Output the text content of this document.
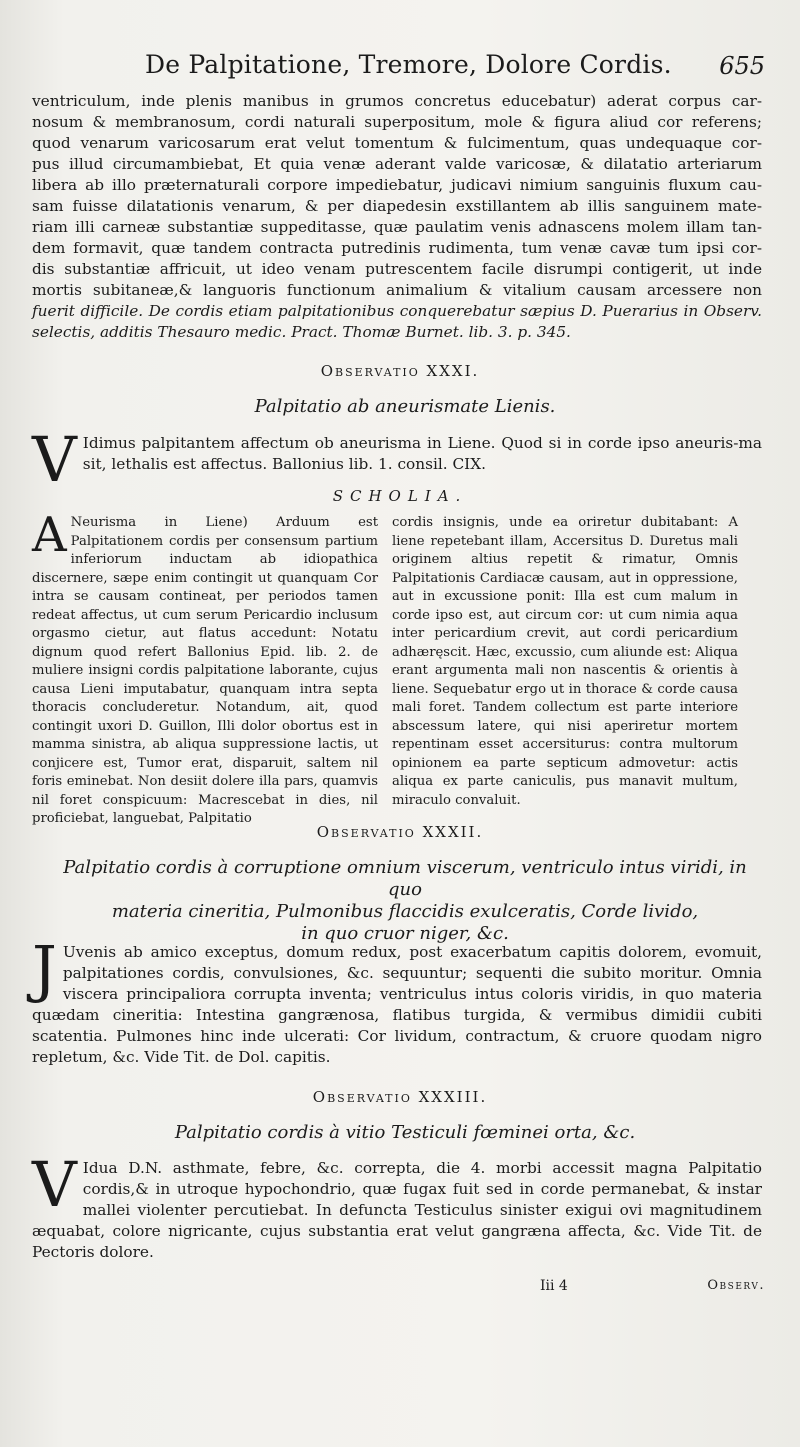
De Palpitatione, Tremore, Dolore Cordis. 655
ventriculum, inde plenis manibus in grumos concretus educebatur) aderat corpus car-
nosum & membranosum, cordi naturali superpositum, mole & figura aliud cor referens;
quod venarum varicosarum erat velut tomentum & fulcimentum, quas undequaque cor-
pus illud circumambiebat, Et quia venæ aderant valde varicosæ, & dilatatio arteriarum
libera ab illo præternaturali corpore impediebatur, judicavi nimium sanguinis fluxum cau-
sam fuisse dilatationis venarum, & per diapedesin exstillantem ab illis sanguinem mate-
riam illi carneæ substantiæ suppeditasse, quæ paulatim venis adnascens molem illam tan-
dem formavit, quæ tandem contracta putredinis rudimenta, tum venæ cavæ tum ipsi cor-
dis substantiæ affricuit, ut ideo venam putrescentem facile disrumpi contigerit, ut inde
mortis subitaneæ,& languoris functionum animalium & vitalium causam arcessere non
fuerit difficile. De cordis etiam palpitationibus conquerebatur sæpius D. Puerarius in Observ.
selectis, additis Thesauro medic. Pract. Thomæ Burnet. lib. 3. p. 345.
Observatio XXXI.
Palpitatio ab aneurismate Lienis.
V Idimus palpitantem affectum ob aneurisma in Liene. Quod si in corde ipso aneuris-ma sit, lethalis est affectus. Ballonius lib. 1. consil. CIX.
SCHOLIA.
A Neurisma in Liene) Arduum est Palpitationem cordis per consensum partium inferiorum inductam ab idiopathica discernere, sæpe enim contingit ut quanquam Cor intra se causam contineat, per periodos tamen redeat affectus, ut cum serum Pericardio inclusum orgasmo cietur, aut flatus accedunt: Notatu dignum quod refert Ballonius Epid. lib. 2. de muliere insigni cordis palpitatione laborante, cujus causa Lieni imputabatur, quanquam intra septa thoracis concluderetur. Notandum, ait, quod contingit uxori D. Guillon, Illi dolor obortus est in mamma sinistra, ab aliqua suppressione lactis, ut conjicere est, Tumor erat, disparuit, saltem nil foris eminebat. Non desiit dolere illa pars, quamvis nil foret conspicuum: Macrescebat in dies, nil proficiebat, languebat, Palpitatio
cordis insignis, unde ea oriretur dubitabant: A liene repetebant illam, Accersitus D. Duretus mali originem altius repetit & rimatur, Omnis Palpitationis Cardiacæ causam, aut in oppressione, aut in excussione ponit: Illa est cum malum in corde ipso est, aut circum cor: ut cum nimia aqua inter pericardium crevit, aut cordi pericardium adhæręscit. Hæc, excussio, cum aliunde est: Aliqua erant argumenta mali non nascentis & orientis à liene. Sequebatur ergo ut in thorace & corde causa mali foret. Tandem collectum est parte interiore abscessum latere, qui nisi aperiretur mortem repentinam esset accersiturus: contra multorum opinionem ea parte septicum admovetur: actis aliqua ex parte caniculis, pus manavit multum, miraculo convaluit.
Observatio XXXII.
Palpitatio cordis à corruptione omnium viscerum, ventriculo intus viridi, in quo
materia cineritia, Pulmonibus flaccidis exulceratis, Corde livido,
in quo cruor niger, &c.
J Uvenis ab amico exceptus, domum redux, post exacerbatum capitis dolorem, evomuit, palpitationes cordis, convulsiones, &c. sequuntur; sequenti die subito moritur. Omnia viscera principaliora corrupta inventa; ventriculus intus coloris viridis, in quo materia quædam cineritia: Intestina gangrænosa, flatibus turgida, & vermibus dimidii cubiti scatentia. Pulmones hinc inde ulcerati: Cor lividum, contractum, & cruore quodam nigro repletum, &c. Vide Tit. de Dol. capitis.
Observatio XXXIII.
Palpitatio cordis à vitio Testiculi fœminei orta, &c.
V Idua D.N. asthmate, febre, &c. correpta, die 4. morbi accessit magna Palpitatio cordis,& in utroque hypochondrio, quæ fugax fuit sed in corde permanebat, & instar mallei violenter percutiebat. In defuncta Testiculus sinister exigui ovi magnitudinem æquabat, colore nigricante, cujus substantia erat velut gangræna affecta, &c. Vide Tit. de Pectoris dolore.
Iii 4	Observ.
